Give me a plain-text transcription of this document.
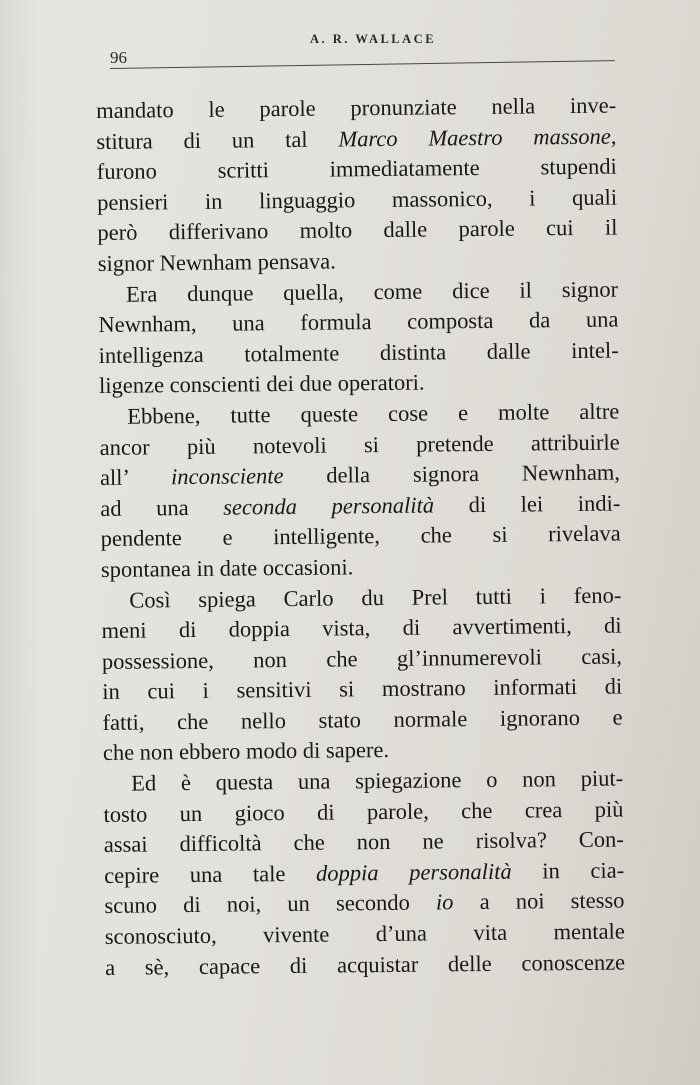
96
A. R. WALLACE
mandato le parole pronunziate nella inve-
stitura di un tal Marco Maestro massone,
furono scritti immediatamente stupendi
pensieri in linguaggio massonico, i quali
però differivano molto dalle parole cui il
signor Newnham pensava.
Era dunque quella, come dice il signor
Newnham, una formula composta da una
intelligenza totalmente distinta dalle intel-
ligenze conscienti dei due operatori.
Ebbene, tutte queste cose e molte altre
ancor più notevoli si pretende attribuirle
all’ inconsciente della signora Newnham,
ad una seconda personalità di lei indi-
pendente e intelligente, che si rivelava
spontanea in date occasioni.
Così spiega Carlo du Prel tutti i feno-
meni di doppia vista, di avvertimenti, di
possessione, non che gl’innumerevoli casi,
in cui i sensitivi si mostrano informati di
fatti, che nello stato normale ignorano e
che non ebbero modo di sapere.
Ed è questa una spiegazione o non piut-
tosto un gioco di parole, che crea più
assai difficoltà che non ne risolva? Con-
cepire una tale doppia personalità in cia-
scuno di noi, un secondo io a noi stesso
sconosciuto, vivente d’una vita mentale
a sè, capace di acquistar delle conoscenze
